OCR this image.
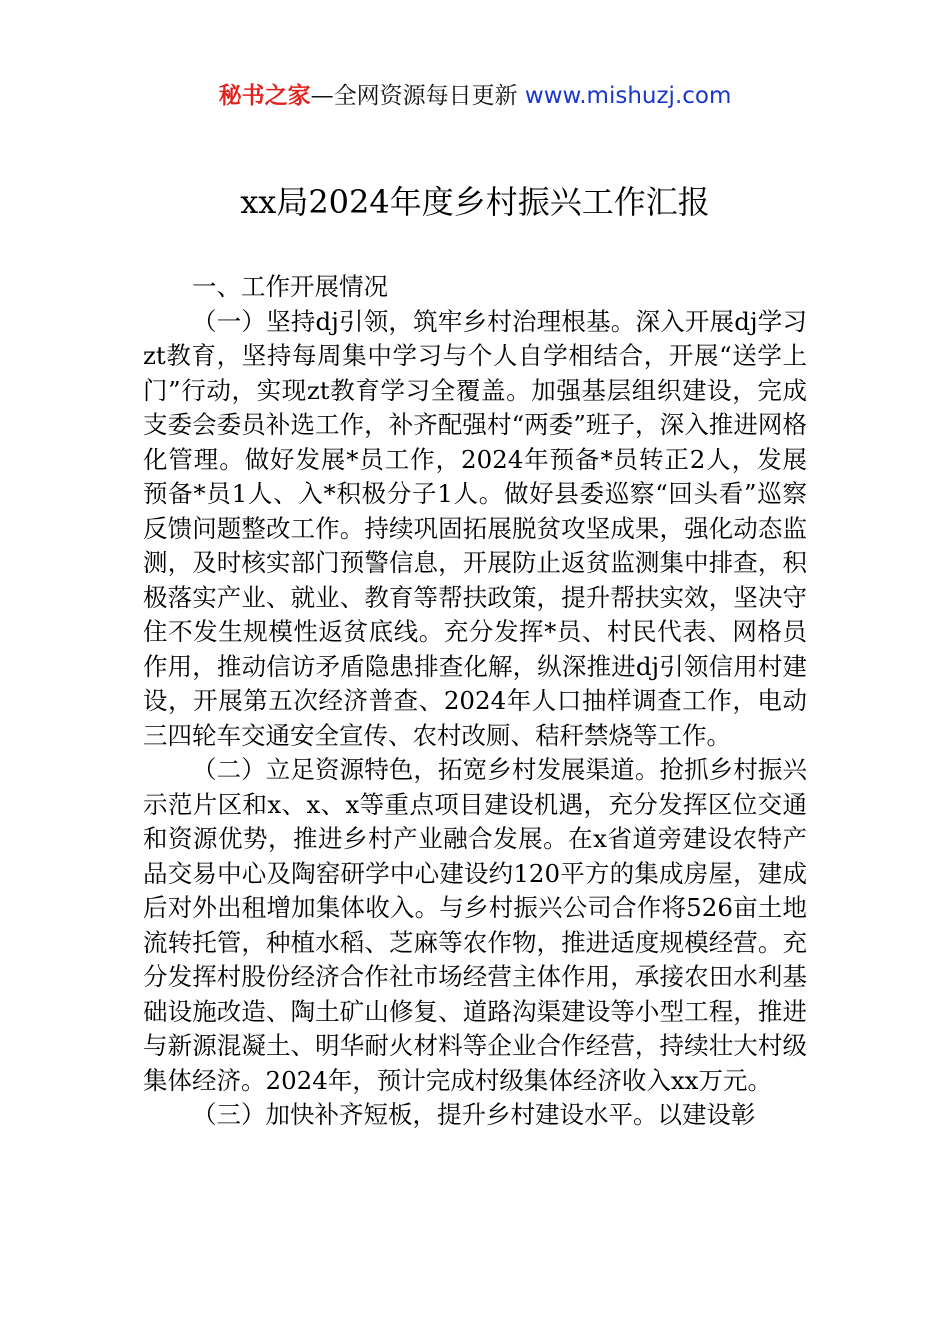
秘书之家—全网资源每日更新 www.mishuzj.com
xx局2024年度乡村振兴工作汇报
一、工作开展情况

（一）坚持dj引领，筑牢乡村治理根基。深入开展dj学习zt教育，坚持每周集中学习与个人自学相结合，开展“送学上门”行动，实现zt教育学习全覆盖。加强基层组织建设，完成支委会委员补选工作，补齐配强村“两委”班子，深入推进网格化管理。做好发展*员工作，2024年预备*员转正2人，发展预备*员1人、入*积极分子1人。做好县委巡察“回头看”巡察反馈问题整改工作。持续巩固拓展脱贫攻坚成果，强化动态监测，及时核实部门预警信息，开展防止返贫监测集中排查，积极落实产业、就业、教育等帮扶政策，提升帮扶实效，坚决守住不发生规模性返贫底线。充分发挥*员、村民代表、网格员作用，推动信访矛盾隐患排查化解，纵深推进dj引领信用村建设，开展第五次经济普查、2024年人口抽样调查工作，电动三四轮车交通安全宣传、农村改厕、秸秆禁烧等工作。

（二）立足资源特色，拓宽乡村发展渠道。抢抓乡村振兴示范片区和x、x、x等重点项目建设机遇，充分发挥区位交通和资源优势，推进乡村产业融合发展。在x省道旁建设农特产品交易中心及陶窑研学中心建设约120平方的集成房屋，建成后对外出租增加集体收入。与乡村振兴公司合作将526亩土地流转托管，种植水稻、芝麻等农作物，推进适度规模经营。充分发挥村股份经济合作社市场经营主体作用，承接农田水利基础设施改造、陶土矿山修复、道路沟渠建设等小型工程，推进与新源混凝土、明华耐火材料等企业合作经营，持续壮大村级集体经济。2024年，预计完成村级集体经济收入xx万元。

（三）加快补齐短板，提升乡村建设水平。以建设彰
